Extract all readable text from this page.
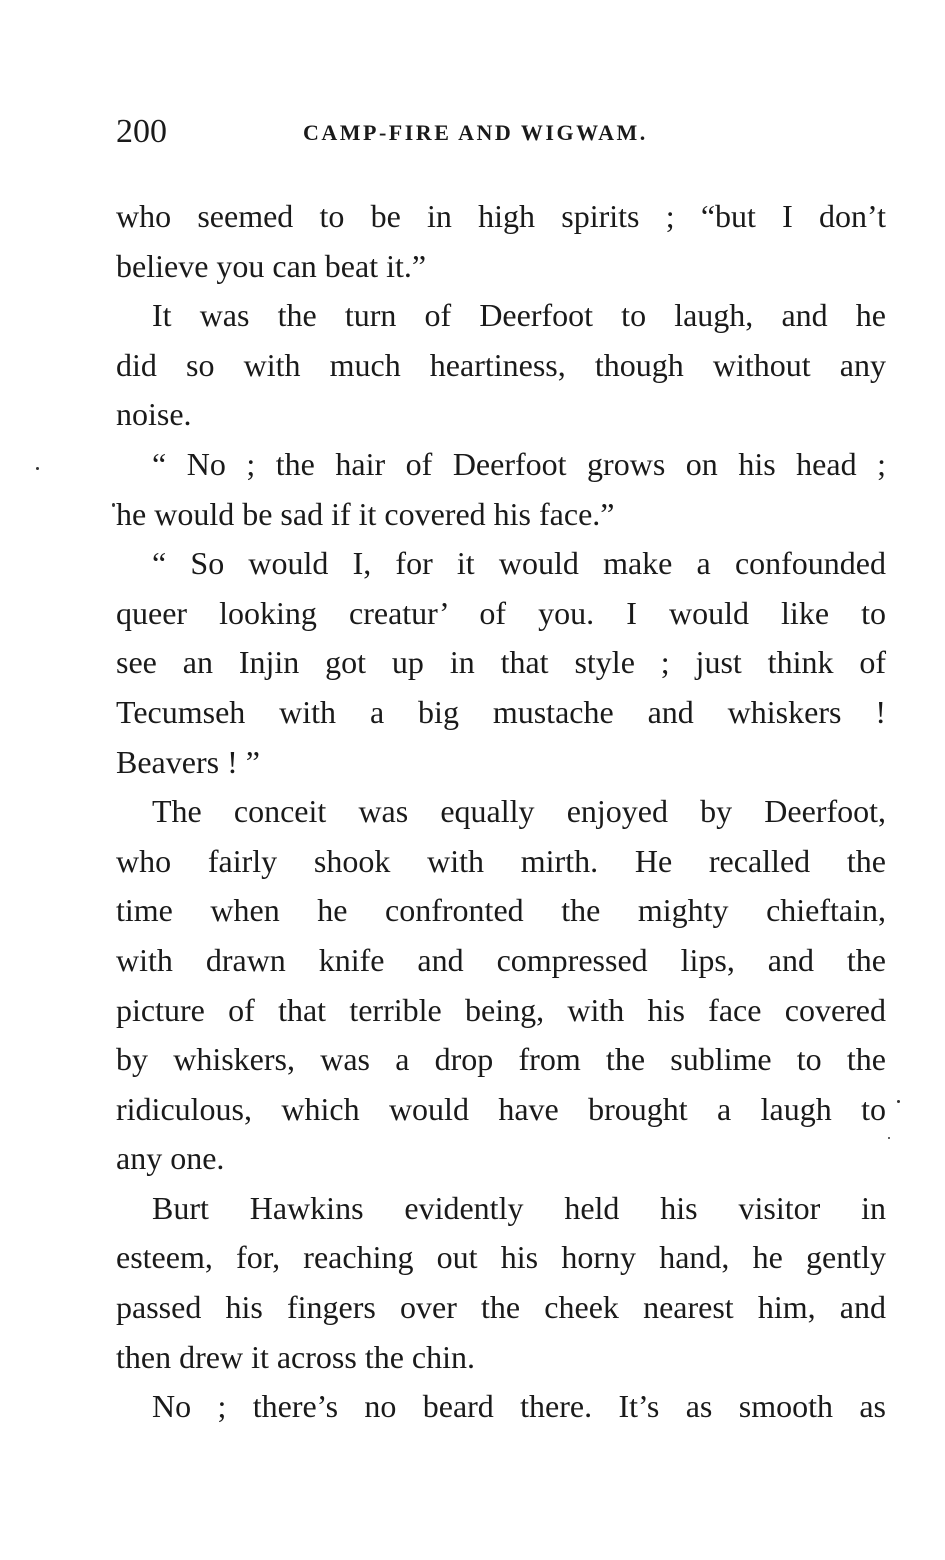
200	CAMP-FIRE AND WIGWAM.
who seemed to be in high spirits ; “but I don’t
believe you can beat it.”
It was the turn of Deerfoot to laugh, and he
did so with much heartiness, though without any
noise.
“ No ; the hair of Deerfoot grows on his head ;
he would be sad if it covered his face.”
“ So would I, for it would make a confounded
queer looking creatur’ of you. I would like to
see an Injin got up in that style ; just think of
Tecumseh with a big mustache and whiskers !
Beavers ! ”
The conceit was equally enjoyed by Deerfoot,
who fairly shook with mirth. He recalled the
time when he confronted the mighty chieftain,
with drawn knife and compressed lips, and the
picture of that terrible being, with his face covered
by whiskers, was a drop from the sublime to the
ridiculous, which would have brought a laugh to
any one.
Burt Hawkins evidently held his visitor in
esteem, for, reaching out his horny hand, he gently
passed his fingers over the cheek nearest him, and
then drew it across the chin.
No ; there’s no beard there. It’s as smooth as
